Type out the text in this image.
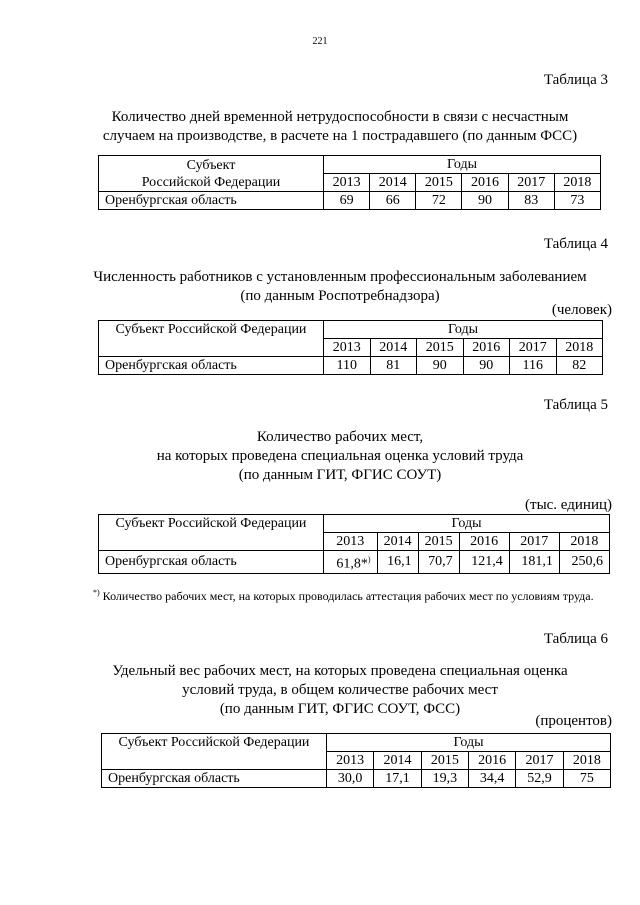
221
Таблица 3
Количество дней временной нетрудоспособности в связи с несчастным
случаем на производстве, в расчете на 1 пострадавшего (по данным ФСС)
Субъект
Российской Федерации	Годы					
	2013	2014	2015	2016	2017	2018
Оренбургская область	69	66	72	90	83	73
Таблица 4
Численность работников с установленным профессиональным заболеванием
(по данным Роспотребнадзора)
(человек)
Субъект Российской Федерации	Годы					
	2013	2014	2015	2016	2017	2018
Оренбургская область	110	81	90	90	116	82
Таблица 5
Количество рабочих мест,
на которых проведена специальная оценка условий труда
(по данным ГИТ, ФГИС СОУТ)
(тыс. единиц)
Субъект Российской Федерации	Годы					
	2013	2014	2015	2016	2017	2018
Оренбургская область	61,8*)	16,1	70,7	121,4	181,1	250,6
*) Количество рабочих мест, на которых проводилась аттестация рабочих мест по условиям труда.
Таблица 6
Удельный вес рабочих мест, на которых проведена специальная оценка
условий труда, в общем количестве рабочих мест
(по данным ГИТ, ФГИС СОУТ, ФСС)
(процентов)
Субъект Российской Федерации	Годы					
	2013	2014	2015	2016	2017	2018
Оренбургская область	30,0	17,1	19,3	34,4	52,9	75
